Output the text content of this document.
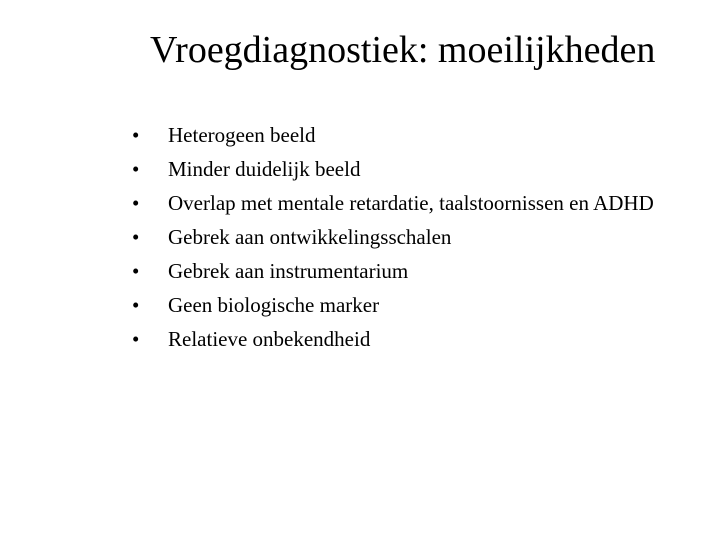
Vroegdiagnostiek: moeilijkheden
•	Heterogeen beeld
•	Minder duidelijk beeld
•	Overlap met mentale retardatie, taalstoornissen en ADHD
•	Gebrek aan ontwikkelingsschalen
•	Gebrek aan instrumentarium
•	Geen biologische marker
•	Relatieve onbekendheid
